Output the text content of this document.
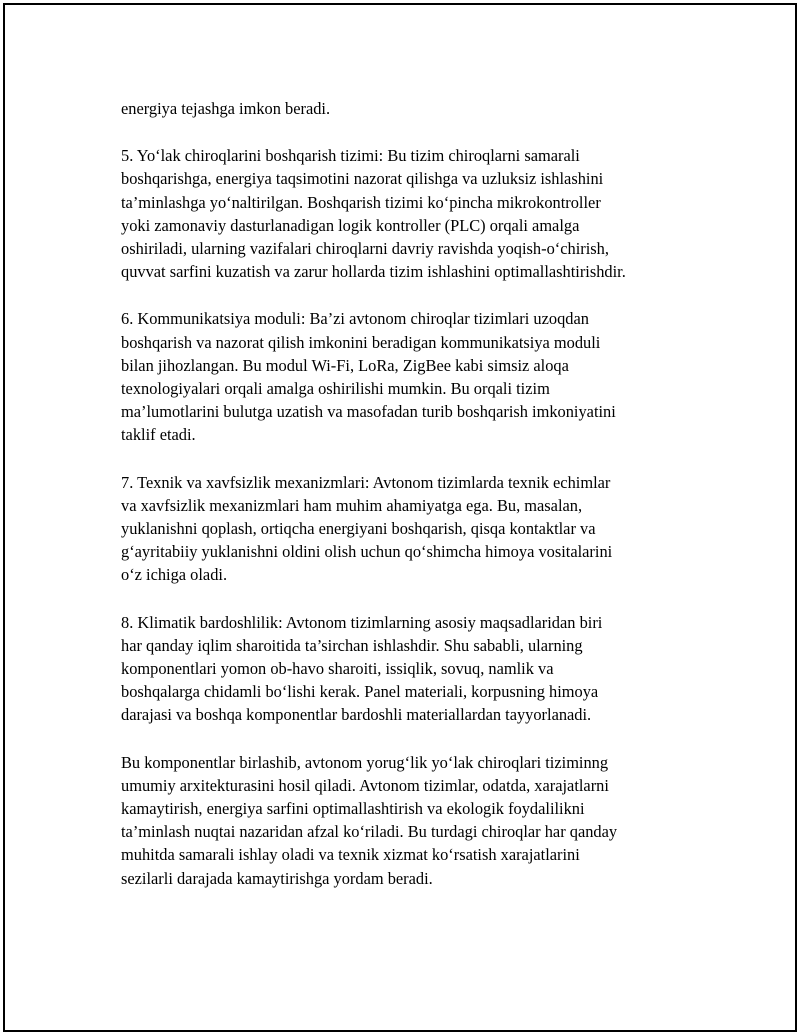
energiya tejashga imkon beradi.

5. Yo‘lak chiroqlarini boshqarish tizimi: Bu tizim chiroqlarni samarali
boshqarishga, energiya taqsimotini nazorat qilishga va uzluksiz ishlashini
ta’minlashga yo‘naltirilgan. Boshqarish tizimi ko‘pincha mikrokontroller
yoki zamonaviy dasturlanadigan logik kontroller (PLC) orqali amalga
oshiriladi, ularning vazifalari chiroqlarni davriy ravishda yoqish-o‘chirish,
quvvat sarfini kuzatish va zarur hollarda tizim ishlashini optimallashtirishdir.

6. Kommunikatsiya moduli: Ba’zi avtonom chiroqlar tizimlari uzoqdan
boshqarish va nazorat qilish imkonini beradigan kommunikatsiya moduli
bilan jihozlangan. Bu modul Wi-Fi, LoRa, ZigBee kabi simsiz aloqa
texnologiyalari orqali amalga oshirilishi mumkin. Bu orqali tizim
ma’lumotlarini bulutga uzatish va masofadan turib boshqarish imkoniyatini
taklif etadi.

7. Texnik va xavfsizlik mexanizmlari: Avtonom tizimlarda texnik echimlar
va xavfsizlik mexanizmlari ham muhim ahamiyatga ega. Bu, masalan,
yuklanishni qoplash, ortiqcha energiyani boshqarish, qisqa kontaktlar va
g‘ayritabiiy yuklanishni oldini olish uchun qo‘shimcha himoya vositalarini
o‘z ichiga oladi.

8. Klimatik bardoshlilik: Avtonom tizimlarning asosiy maqsadlaridan biri
har qanday iqlim sharoitida ta’sirchan ishlashdir. Shu sababli, ularning
komponentlari yomon ob-havo sharoiti, issiqlik, sovuq, namlik va
boshqalarga chidamli bo‘lishi kerak. Panel materiali, korpusning himoya
darajasi va boshqa komponentlar bardoshli materiallardan tayyorlanadi.

Bu komponentlar birlashib, avtonom yorug‘lik yo‘lak chiroqlari tiziminng
umumiy arxitekturasini hosil qiladi. Avtonom tizimlar, odatda, xarajatlarni
kamaytirish, energiya sarfini optimallashtirish va ekologik foydalilikni
ta’minlash nuqtai nazaridan afzal ko‘riladi. Bu turdagi chiroqlar har qanday
muhitda samarali ishlay oladi va texnik xizmat ko‘rsatish xarajatlarini
sezilarli darajada kamaytirishga yordam beradi.
